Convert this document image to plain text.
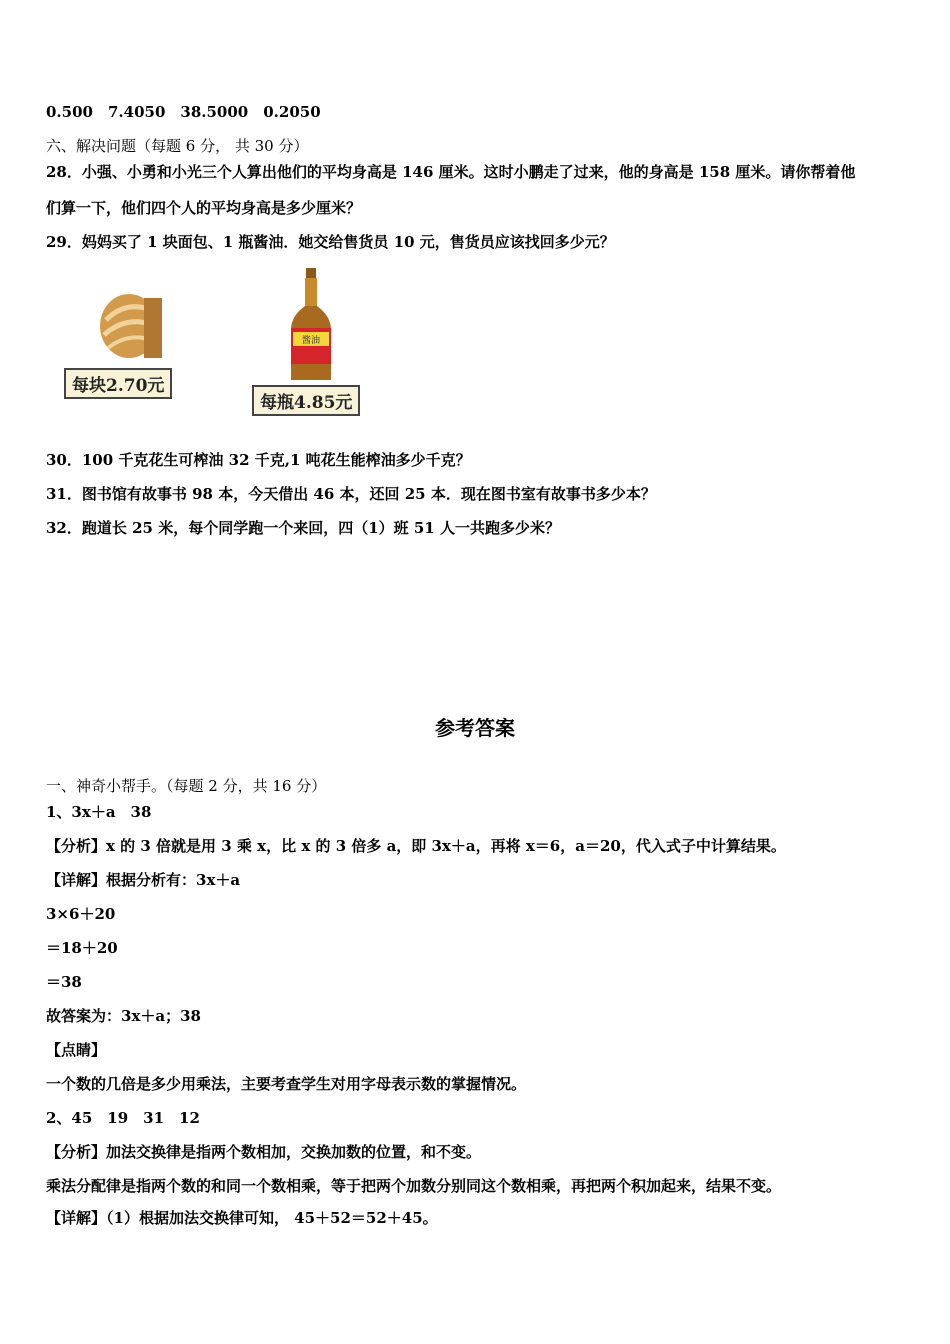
0.500　7.4050　38.5000　0.2050
六、解决问题（每题 6 分， 共 30 分）
28．小强、小勇和小光三个人算出他们的平均身高是 146 厘米。这时小鹏走了过来，他的身高是 158 厘米。请你帮着他
们算一下，他们四个人的平均身高是多少厘米？
29．妈妈买了 1 块面包、1 瓶酱油．她交给售货员 10 元，售货员应该找回多少元？
每块2.70元
酱油
每瓶4.85元
30．100 千克花生可榨油 32 千克,1 吨花生能榨油多少千克？
31．图书馆有故事书 98 本，今天借出 46 本，还回 25 本．现在图书室有故事书多少本？
32．跑道长 25 米，每个同学跑一个来回，四（1）班 51 人一共跑多少米？
参考答案
一、神奇小帮手。（每题 2 分，共 16 分）
1、3x＋a　38
【分析】x 的 3 倍就是用 3 乘 x，比 x 的 3 倍多 a，即 3x＋a，再将 x＝6，a＝20，代入式子中计算结果。
【详解】根据分析有：3x＋a
3×6＋20
＝18＋20
＝38
故答案为：3x＋a；38
【点睛】
一个数的几倍是多少用乘法，主要考查学生对用字母表示数的掌握情况。
2、45　19　31　12
【分析】加法交换律是指两个数相加，交换加数的位置，和不变。
乘法分配律是指两个数的和同一个数相乘，等于把两个加数分别同这个数相乘，再把两个积加起来，结果不变。
【详解】（1）根据加法交换律可知， 45＋52＝52＋45。
